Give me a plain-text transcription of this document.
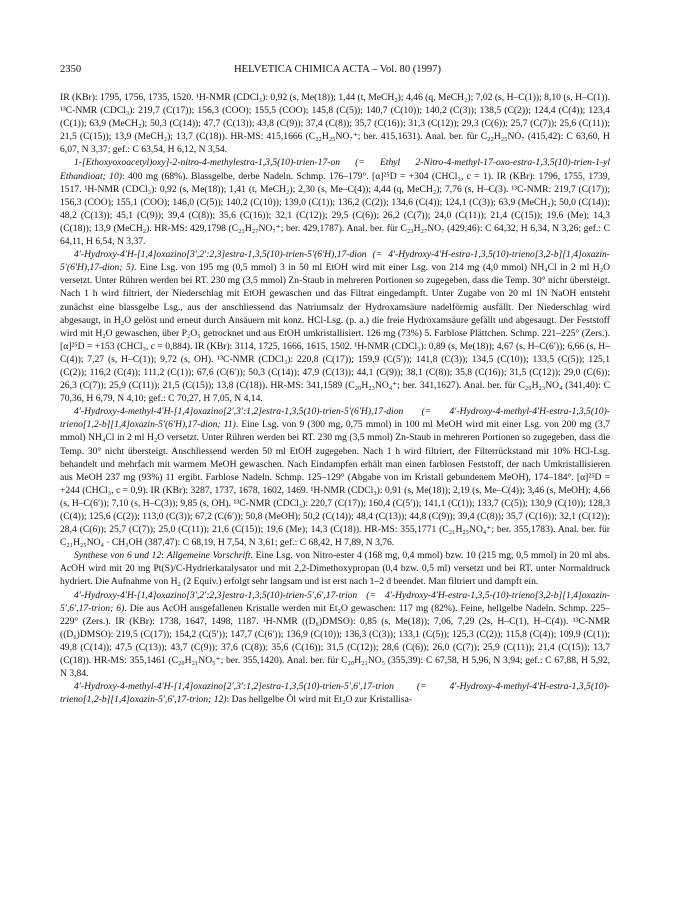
2350	HELVETICA CHIMICA ACTA – Vol. 80 (1997)

IR (KBr): 1795, 1756, 1735, 1520. ¹H-NMR (CDCl₃): 0,92 (s, Me(18)); 1,44 (t, MeCH₂); 4,46 (q, MeCH₂); 7,02 (s, H–C(1)); 8,10 (s, H–C(1)). ¹³C-NMR (CDCl₃): 219,7 (C(17)); 156,3 (COO); 155,5 (COO); 145,8 (C(5)); 140,7 (C(10)); 140,2 (C(3)); 138,5 (C(2)); 124,4 (C(4)); 123,4 (C(1)); 63,9 (MeCH₂); 50,3 (C(14)); 47,7 (C(13)); 43,8 (C(9)); 37,4 (C(8)); 35,7 (C(16)); 31,3 (C(12)); 29,3 (C(6)); 25,7 (C(7)); 25,6 (C(11)); 21,5 (C(15)); 13,9 (MeCH₂); 13,7 (C(18)). HR-MS: 415,1666 (C₂₂H₂₅NO₇⁺; ber. 415,1631). Anal. ber. für C₂₂H₂₅NO₇ (415,42): C 63,60, H 6,07, N 3,37; gef.: C 63,54, H 6,12, N 3,54.

1-[Ethoxyoxoacetyl)oxy]-2-nitro-4-methylestra-1,3,5(10)-trien-17-on (= Ethyl 2-Nitro-4-methyl-17-oxo-estra-1,3,5(10)-trien-1-yl Ethandioat; 10): 400 mg (68%). Blassgelbe, derbe Nadeln. Schmp. 176–179°. [α]²⁵D = +304 (CHCl₃, c = 1). IR (KBr): 1796, 1755, 1739, 1517. ¹H-NMR (CDCl₃): 0,92 (s, Me(18)); 1,41 (t, MeCH₂); 2,30 (s, Me–C(4)); 4,44 (q, MeCH₂); 7,76 (s, H–C(3). ¹³C-NMR: 219,7 (C(17)); 156,3 (COO); 155,1 (COO); 146,0 (C(5)); 140,2 (C(10)); 139,0 (C(1)); 136,2 (C(2)); 134,6 (C(4)); 124,1 (C(3)); 63,9 (MeCH₂); 50,0 (C(14)); 48,2 (C(13)); 45,1 (C(9)); 39,4 (C(8)); 35,6 (C(16)); 32,1 (C(12)); 29,5 (C(6)); 26,2 (C(7)); 24,0 (C(11)); 21,4 (C(15)); 19,6 (Me); 14,3 (C(18)); 13,9 (MeCH₂). HR-MS: 429,1798 (C₂₃H₂₇NO₇⁺; ber. 429,1787). Anal. ber. für C₂₃H₂₇NO₇ (429,46): C 64,32, H 6,34, N 3,26; gef.: C 64,11, H 6,54, N 3,37.

4′-Hydroxy-4′H-[1,4]oxazino[3′,2′:2,3]estra-1,3,5(10)-trien-5′(6′H),17-dion (= 4′-Hydroxy-4′H-estra-1,3,5(10)-trieno[3,2-b][1,4]oxazin-5′(6′H),17-dion; 5). Eine Lsg. von 195 mg (0,5 mmol) 3 in 50 ml EtOH wird mit einer Lsg. von 214 mg (4,0 mmol) NH₄Cl in 2 ml H₂O versetzt. Unter Rühren werden bei RT. 230 mg (3,5 mmol) Zn-Staub in mehreren Portionen so zugegeben, dass die Temp. 30° nicht übersteigt. Nach 1 h wird filtriert, der Niederschlag mit EtOH gewaschen und das Filtrat eingedampft. Unter Zugabe von 20 ml 1N NaOH entsteht zunächst eine blassgelbe Lsg., aus der anschliessend das Natriumsalz der Hydroxamsäure nadelförmig ausfällt. Der Niederschlag wird abgesaugt, in H₂O gelöst und erneut durch Ansäuern mit konz. HCl-Lsg. (p. a.) die freie Hydroxamsäure gefällt und abgesaugt. Der Feststoff wird mit H₂O gewaschen, über P₂O₅ getrocknet und aus EtOH umkristallisiert. 126 mg (73%) 5. Farblose Plättchen. Schmp. 221–225° (Zers.). [α]²⁵D = +153 (CHCl₃, c = 0,884). IR (KBr): 3114, 1725, 1666, 1615, 1502. ¹H-NMR (CDCl₃): 0,89 (s, Me(18)); 4,67 (s, H–C(6′)); 6,66 (s, H–C(4)); 7,27 (s, H–C(1)); 9,72 (s, OH). ¹³C-NMR (CDCl₃): 220,8 (C(17)); 159,9 (C(5′)); 141,8 (C(3)); 134,5 (C(10)); 133,5 (C(5)); 125,1 (C(2)); 116,2 (C(4)); 111,2 (C(1)); 67,6 (C(6′)); 50,3 (C(14)); 47,9 (C(13)); 44,1 (C(9)); 38,1 (C(8)); 35,8 (C(16)); 31,5 (C(12)); 29,0 (C(6)); 26,3 (C(7)); 25,9 (C(11)); 21,5 (C(15)); 13,8 (C(18)). HR-MS: 341,1589 (C₂₀H₂₃NO₄⁺; ber. 341,1627). Anal. ber. für C₂₀H₂₃NO₄ (341,40): C 70,36, H 6,79, N 4,10; gef.: C 70,27, H 7,05, N 4,14.

4′-Hydroxy-4-methyl-4′H-[1,4]oxazino[2′,3′:1,2]estra-1,3,5(10)-trien-5′(6′H),17-dion (= 4′-Hydroxy-4-methyl-4′H-estra-1,3,5(10)-trieno[1,2-b][1,4]oxazin-5′(6′H),17-dion; 11). Eine Lsg. von 9 (300 mg, 0,75 mmol) in 100 ml MeOH wird mit einer Lsg. von 200 mg (3,7 mmol) NH₄Cl in 2 ml H₂O versetzt. Unter Rühren werden bei RT. 230 mg (3,5 mmol) Zn-Staub in mehreren Portionen so zugegeben, dass die Temp. 30° nicht übersteigt. Anschliessend werden 50 ml EtOH zugegeben. Nach 1 h wird filtriert, der Filterrückstand mit 10% HCl-Lsg. behandelt und mehrfach mit warmem MeOH gewaschen. Nach Eindampfen erhält man einen farblosen Feststoff, der nach Umkristallisieren aus MeOH 237 mg (93%) 11 ergibt. Farblose Nadeln. Schmp. 125–129° (Abgabe von im Kristall gebundenem MeOH), 174–184°. [α]²⁵D = +244 (CHCl₃, c = 0,9). IR (KBr): 3287, 1737, 1678, 1602, 1469. ¹H-NMR (CDCl₃): 0,91 (s, Me(18)); 2,19 (s, Me–C(4)); 3,46 (s, MeOH); 4,66 (s, H–C(6′)); 7,10 (s, H–C(3)); 9,85 (s, OH). ¹³C-NMR (CDCl₃): 220,7 (C(17)); 160,4 (C(5′)); 141,1 (C(1)); 133,7 (C(5)); 130,9 (C(10)); 128,3 (C(4)); 125,6 (C(2)); 113,0 (C(3)); 67,2 (C(6′)); 50,8 (MeOH); 50,2 (C(14)); 48,4 (C(13)); 44,8 (C(9)); 39,4 (C(8)); 35,7 (C(16)); 32,1 (C(12)); 28,4 (C(6)); 25,7 (C(7)); 25,0 (C(11)); 21,6 (C(15)); 19,6 (Me); 14,3 (C(18)). HR-MS: 355,1771 (C₂₁H₂₅NO₄⁺; ber. 355,1783). Anal. ber. für C₂₁H₂₅NO₄ · CH₃OH (387,47): C 68,19, H 7,54, N 3,61; gef.: C 68,42, H 7,89, N 3,76.

Synthese von 6 und 12: Allgemeine Vorschrift. Eine Lsg. von Nitro-ester 4 (168 mg, 0,4 mmol) bzw. 10 (215 mg, 0,5 mmol) in 20 ml abs. AcOH wird mit 20 mg Pt(S)/C-Hydrierkatalysator und mit 2,2-Dimethoxypropan (0,4 bzw. 0,5 ml) versetzt und bei RT. unter Normaldruck hydriert. Die Aufnahme von H₂ (2 Equiv.) erfolgt sehr langsam und ist erst nach 1–2 d beendet. Man filtriert und dampft ein.

4′-Hydroxy-4′H-[1,4]oxazino[3′,2′:2,3]estra-1,3,5(10)-trien-5′,6′,17-trion (= 4′-Hydroxy-4′H-estra-1,3,5-(10)-trieno[3,2-b][1,4]oxazin-5′,6′,17-trion; 6). Die aus AcOH ausgefallenen Kristalle werden mit Et₂O gewaschen: 117 mg (82%). Feine, hellgelbe Nadeln. Schmp. 225–229° (Zers.). IR (KBr): 1738, 1647, 1498, 1187. ¹H-NMR ((D₆)DMSO): 0,85 (s, Me(18)); 7,06, 7,29 (2s, H–C(1), H–C(4)). ¹³C-NMR ((D₆)DMSO): 219,5 (C(17)); 154,2 (C(5′)); 147,7 (C(6′)); 136,9 (C(10)); 136,3 (C(3)); 133,1 (C(5)); 125,3 (C(2)); 115,8 (C(4)); 109,9 (C(1)); 49,8 (C(14)); 47,5 (C(13)); 43,7 (C(9)); 37,6 (C(8)); 35,6 (C(16)); 31,5 (C(12)); 28,6 (C(6)); 26,0 (C(7)); 25,9 (C(11)); 21,4 (C(15)); 13,7 (C(18)). HR-MS: 355,1461 (C₂₀H₂₁NO₅⁺; ber. 355,1420). Anal. ber. für C₂₀H₂₁NO₅ (355,39): C 67,58, H 5,96, N 3,94; gef.: C 67,88, H 5,92, N 3,84.

4′-Hydroxy-4-methyl-4′H-[1,4]oxazino[2′,3′:1,2]estra-1,3,5(10)-trien-5′,6′,17-trion (= 4′-Hydroxy-4-methyl-4′H-estra-1,3,5(10)-trieno[1,2-b][1,4]oxazin-5′,6′,17-trion; 12): Das hellgelbe Öl wird mit Et₂O zur Kristallisa-
